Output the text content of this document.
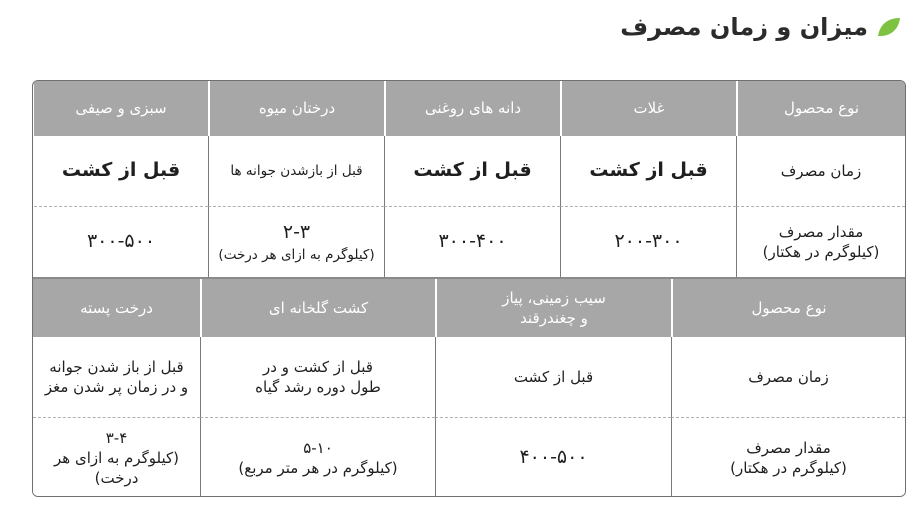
میزان و زمان مصرف
نوع محصول
غلات
دانه های روغنی
درختان میوه
سبزی و صیفی
زمان مصرف
قبل از کشت
قبل از کشت
قبل از بازشدن جوانه ها
قبل از کشت
مقدار مصرف
(کیلوگرم در هکتار)
۲۰۰-۳۰۰
۳۰۰-۴۰۰
۲-۳
(کیلوگرم به ازای هر درخت)
۳۰۰-۵۰۰
نوع محصول
سیب زمینی، پیاز
و چغندرقند
کشت گلخانه ای
درخت پسته
زمان مصرف
قبل از کشت
قبل از کشت و در
طول دوره رشد گیاه
قبل از باز شدن جوانه
و در زمان پر شدن مغز
مقدار مصرف
(کیلوگرم در هکتار)
۴۰۰-۵۰۰
۵-۱۰
(کیلوگرم در هر متر مربع)
۳-۴
(کیلوگرم به ازای هر درخت)
